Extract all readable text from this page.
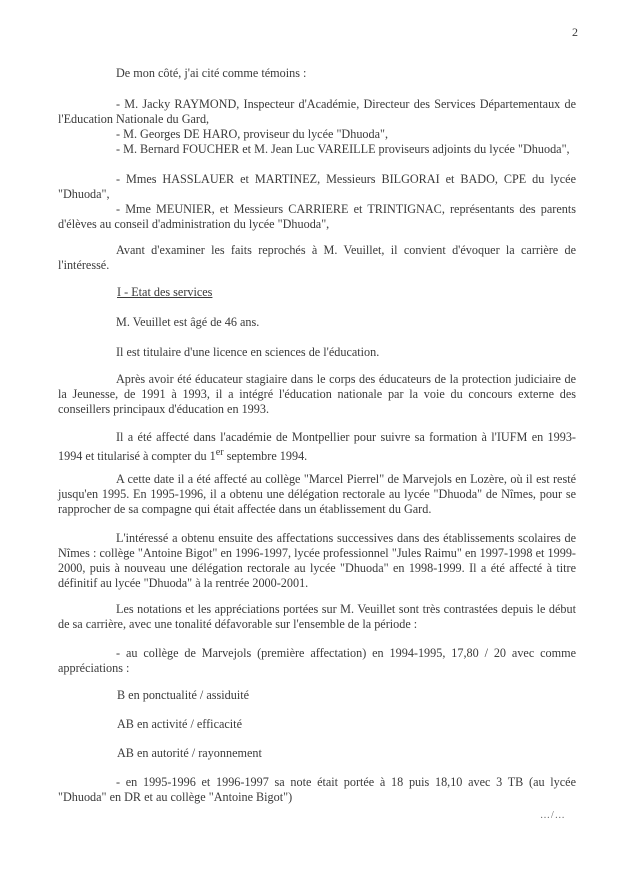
2
De mon côté, j'ai cité comme témoins :
- M. Jacky RAYMOND, Inspecteur d'Académie, Directeur des Services Départementaux de l'Education Nationale du Gard,
- M. Georges DE HARO, proviseur du lycée "Dhuoda",
- M. Bernard FOUCHER et M. Jean Luc VAREILLE proviseurs adjoints du lycée "Dhuoda",
- Mmes HASSLAUER et MARTINEZ, Messieurs BILGORAI et BADO, CPE du lycée "Dhuoda",
- Mme MEUNIER, et Messieurs CARRIERE et TRINTIGNAC, représentants des parents d'élèves au conseil d'administration du lycée "Dhuoda",
Avant d'examiner les faits reprochés à M. Veuillet, il convient d'évoquer la carrière de l'intéressé.
I - Etat des services
M. Veuillet est âgé de 46 ans.
Il est titulaire d'une licence en sciences de l'éducation.
Après avoir été éducateur stagiaire dans le corps des éducateurs de la protection judiciaire de la Jeunesse, de 1991 à 1993, il a intégré l'éducation nationale par la voie du concours externe des conseillers principaux d'éducation en 1993.
Il a été affecté dans l'académie de Montpellier pour suivre sa formation à l'IUFM en 1993-1994 et titularisé à compter du 1er septembre 1994.
A cette date il a été affecté au collège "Marcel Pierrel" de Marvejols en Lozère, où il est resté jusqu'en 1995. En 1995-1996, il a obtenu une délégation rectorale au lycée "Dhuoda" de Nîmes, pour se rapprocher de sa compagne qui était affectée dans un établissement du Gard.
L'intéressé a obtenu ensuite des affectations successives dans des établissements scolaires de Nîmes : collège "Antoine Bigot" en 1996-1997, lycée professionnel "Jules Raimu" en 1997-1998 et 1999-2000, puis à nouveau une délégation rectorale au lycée "Dhuoda" en 1998-1999. Il a été affecté à titre définitif au lycée "Dhuoda" à la rentrée 2000-2001.
Les notations et les appréciations portées sur M. Veuillet sont très contrastées depuis le début de sa carrière, avec une tonalité défavorable sur l'ensemble de la période :
- au collège de Marvejols (première affectation) en 1994-1995, 17,80 / 20 avec comme appréciations :
B en ponctualité / assiduité
AB en activité / efficacité
AB en autorité / rayonnement
- en 1995-1996 et 1996-1997 sa note était portée à 18 puis 18,10 avec 3 TB (au lycée "Dhuoda" en DR et au collège "Antoine Bigot")
…/…
